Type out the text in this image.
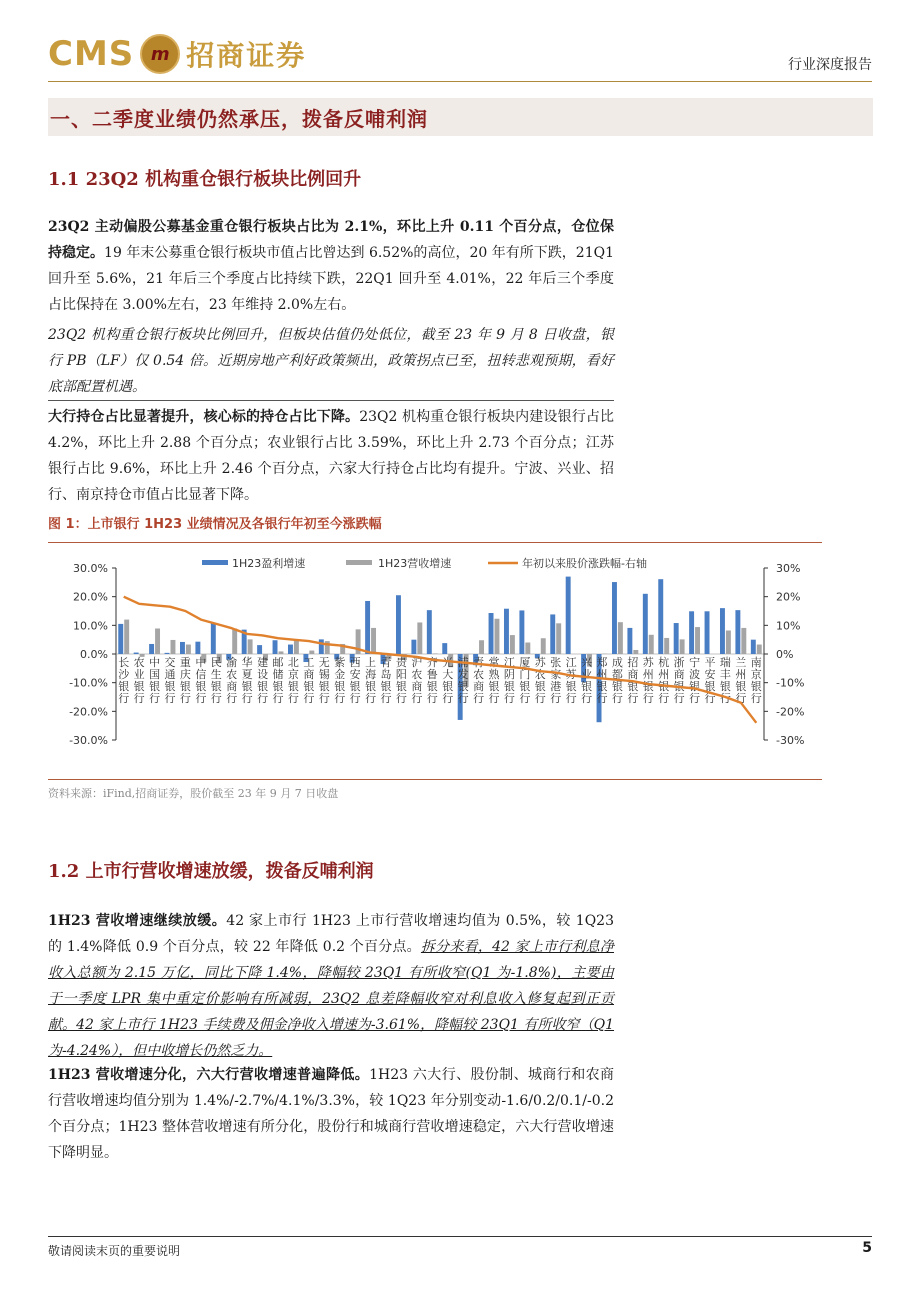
CMS m 招商证券	行业深度报告
一、二季度业绩仍然承压，拨备反哺利润
1.1 23Q2 机构重仓银行板块比例回升
23Q2 主动偏股公募基金重仓银行板块占比为 2.1%，环比上升 0.11 个百分点，仓位保持稳定。19 年末公募重仓银行板块市值占比曾达到 6.52%的高位，20 年有所下跌，21Q1 回升至 5.6%，21 年后三个季度占比持续下跌，22Q1 回升至 4.01%，22 年后三个季度占比保持在 3.00%左右，23 年维持 2.0%左右。
23Q2 机构重仓银行板块比例回升，但板块估值仍处低位，截至 23 年 9 月 8 日收盘，银行 PB（LF）仅 0.54 倍。近期房地产利好政策频出，政策拐点已至，扭转悲观预期，看好底部配置机遇。
大行持仓占比显著提升，核心标的持仓占比下降。23Q2 机构重仓银行板块内建设银行占比 4.2%，环比上升 2.88 个百分点；农业银行占比 3.59%，环比上升 2.73 个百分点；江苏银行占比 9.6%，环比上升 2.46 个百分点，六家大行持仓占比均有提升。宁波、兴业、招行、南京持仓市值占比显著下降。
图 1：上市银行 1H23 业绩情况及各银行年初至今涨跌幅
1H23盈利增速	1H23营收增速	年初以来股价涨跌幅-右轴
30.0%
20.0%
10.0%
0.0%
-10.0%
-20.0%
-30.0%
30%
20%
10%
0%
-10%
-20%
-30%
长沙银行
农业银行
中国银行
交通银行
重庆银行
中信银行
民生银行
渝农商行
华夏银行
建设银行
邮储银行
北京银行
工商银行
无锡银行
紫金银行
西安银行
上海银行
青岛银行
贵阳银行
沪农商行
齐鲁银行
光大银行
浦发银行
青农商行
常熟银行
江阴银行
厦门银行
苏农银行
张家港行
江苏银行
兴业银行
郑州银行
成都银行
招商银行
苏州银行
杭州银行
浙商银行
宁波银行
平安银行
瑞丰银行
兰州银行
南京银行
资料来源：iFind,招商证券，股价截至 23 年 9 月 7 日收盘
1.2 上市行营收增速放缓，拨备反哺利润
1H23 营收增速继续放缓。42 家上市行 1H23 上市行营收增速均值为 0.5%，较 1Q23 的 1.4%降低 0.9 个百分点，较 22 年降低 0.2 个百分点。拆分来看，42 家上市行利息净收入总额为 2.15 万亿，同比下降 1.4%，降幅较 23Q1 有所收窄(Q1 为-1.8%)，主要由于一季度 LPR 集中重定价影响有所减弱，23Q2 息差降幅收窄对利息收入修复起到正贡献。42 家上市行 1H23 手续费及佣金净收入增速为-3.61%，降幅较 23Q1 有所收窄（Q1 为-4.24%），但中收增长仍然乏力。
1H23 营收增速分化，六大行营收增速普遍降低。1H23 六大行、股份制、城商行和农商行营收增速均值分别为 1.4%/-2.7%/4.1%/3.3%，较 1Q23 年分别变动-1.6/0.2/0.1/-0.2 个百分点；1H23 整体营收增速有所分化，股份行和城商行营收增速稳定，六大行营收增速下降明显。
敬请阅读末页的重要说明	5
